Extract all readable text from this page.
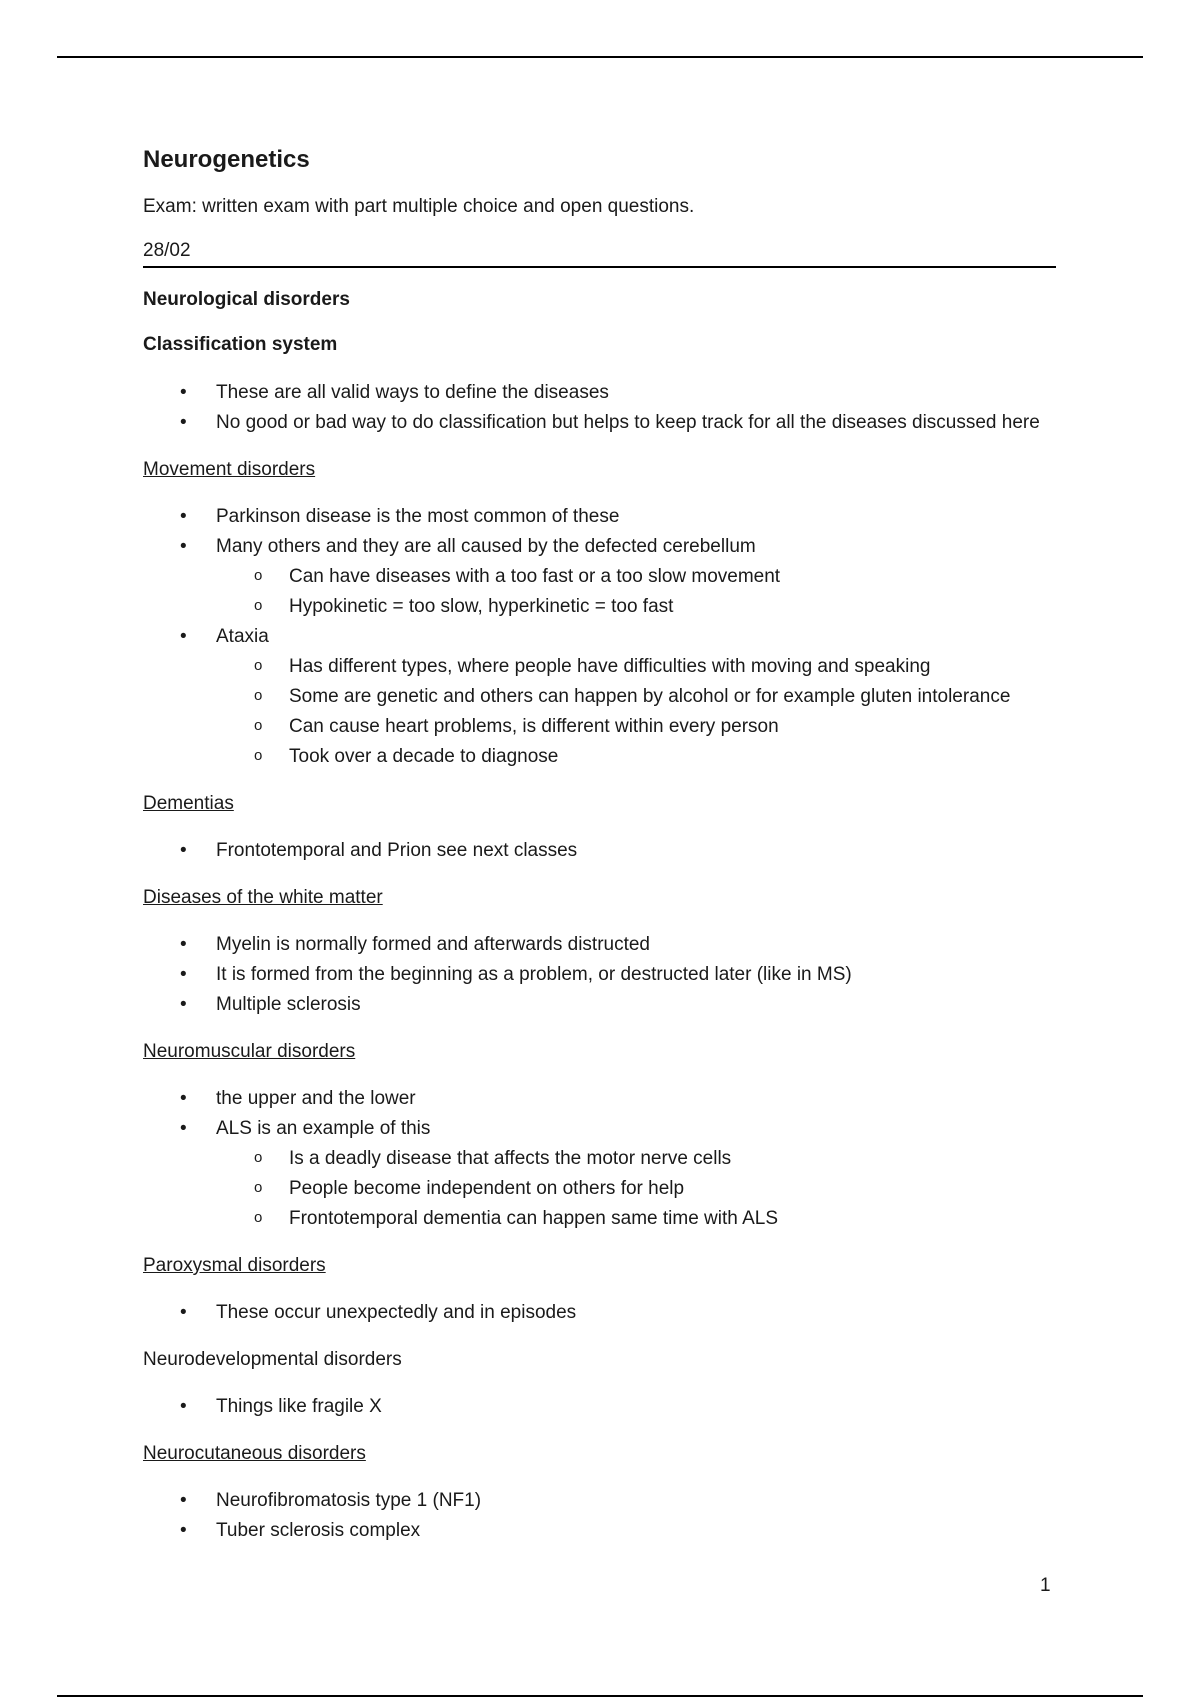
Neurogenetics
Exam: written exam with part multiple choice and open questions.
28/02
Neurological disorders
Classification system
• These are all valid ways to define the diseases
• No good or bad way to do classification but helps to keep track for all the diseases discussed here
Movement disorders
• Parkinson disease is the most common of these
• Many others and they are all caused by the defected cerebellum
o Can have diseases with a too fast or a too slow movement
o Hypokinetic = too slow, hyperkinetic = too fast
• Ataxia
o Has different types, where people have difficulties with moving and speaking
o Some are genetic and others can happen by alcohol or for example gluten intolerance
o Can cause heart problems, is different within every person
o Took over a decade to diagnose
Dementias
• Frontotemporal and Prion see next classes
Diseases of the white matter
• Myelin is normally formed and afterwards distructed
• It is formed from the beginning as a problem, or destructed later (like in MS)
• Multiple sclerosis
Neuromuscular disorders
• the upper and the lower
• ALS is an example of this
o Is a deadly disease that affects the motor nerve cells
o People become independent on others for help
o Frontotemporal dementia can happen same time with ALS
Paroxysmal disorders
• These occur unexpectedly and in episodes
Neurodevelopmental disorders
• Things like fragile X
Neurocutaneous disorders
• Neurofibromatosis type 1 (NF1)
• Tuber sclerosis complex
1
